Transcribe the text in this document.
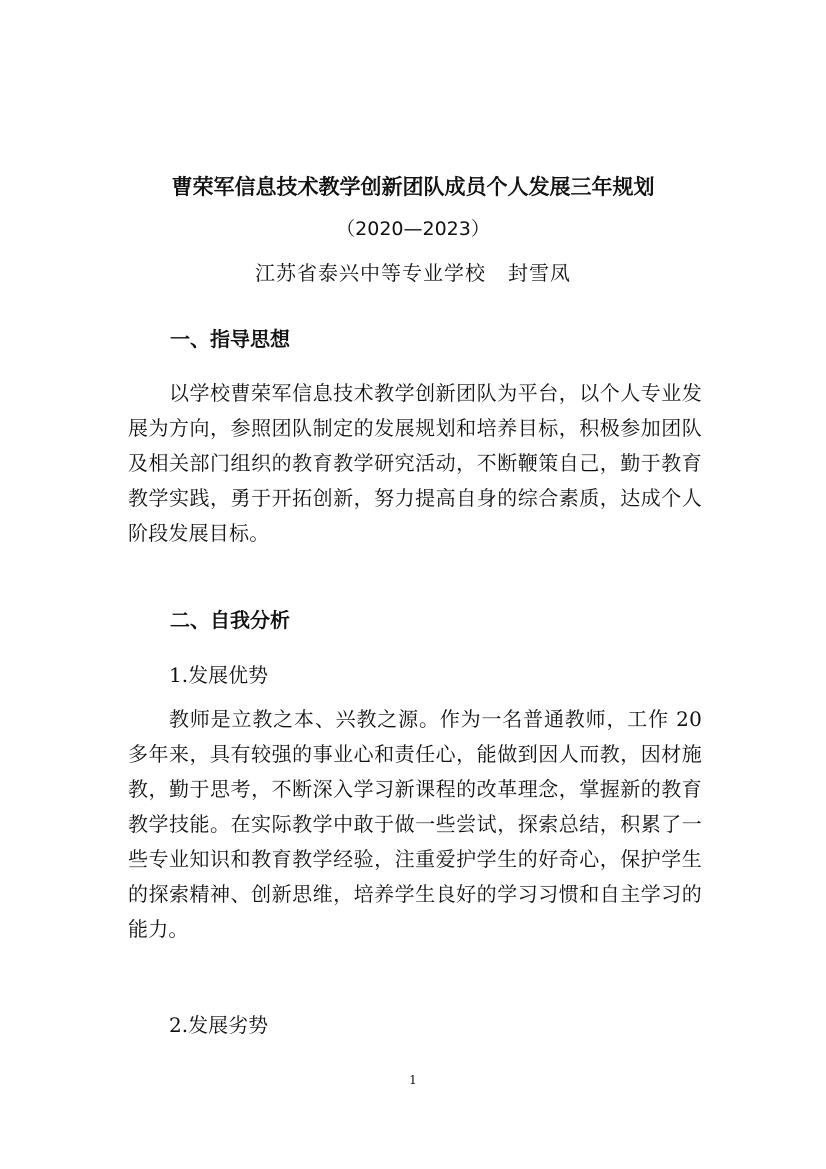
曹荣军信息技术教学创新团队成员个人发展三年规划
（2020—2023）
江苏省泰兴中等专业学校   封雪凤
一、指导思想

以学校曹荣军信息技术教学创新团队为平台，以个人专业发展为方向，参照团队制定的发展规划和培养目标，积极参加团队及相关部门组织的教育教学研究活动，不断鞭策自己，勤于教育教学实践，勇于开拓创新，努力提高自身的综合素质，达成个人阶段发展目标。

二、自我分析
1.发展优势

教师是立教之本、兴教之源。作为一名普通教师，工作 20 多年来，具有较强的事业心和责任心，能做到因人而教，因材施教，勤于思考，不断深入学习新课程的改革理念，掌握新的教育教学技能。在实际教学中敢于做一些尝试，探索总结，积累了一些专业知识和教育教学经验，注重爱护学生的好奇心，保护学生的探索精神、创新思维，培养学生良好的学习习惯和自主学习的能力。

2.发展劣势
1
